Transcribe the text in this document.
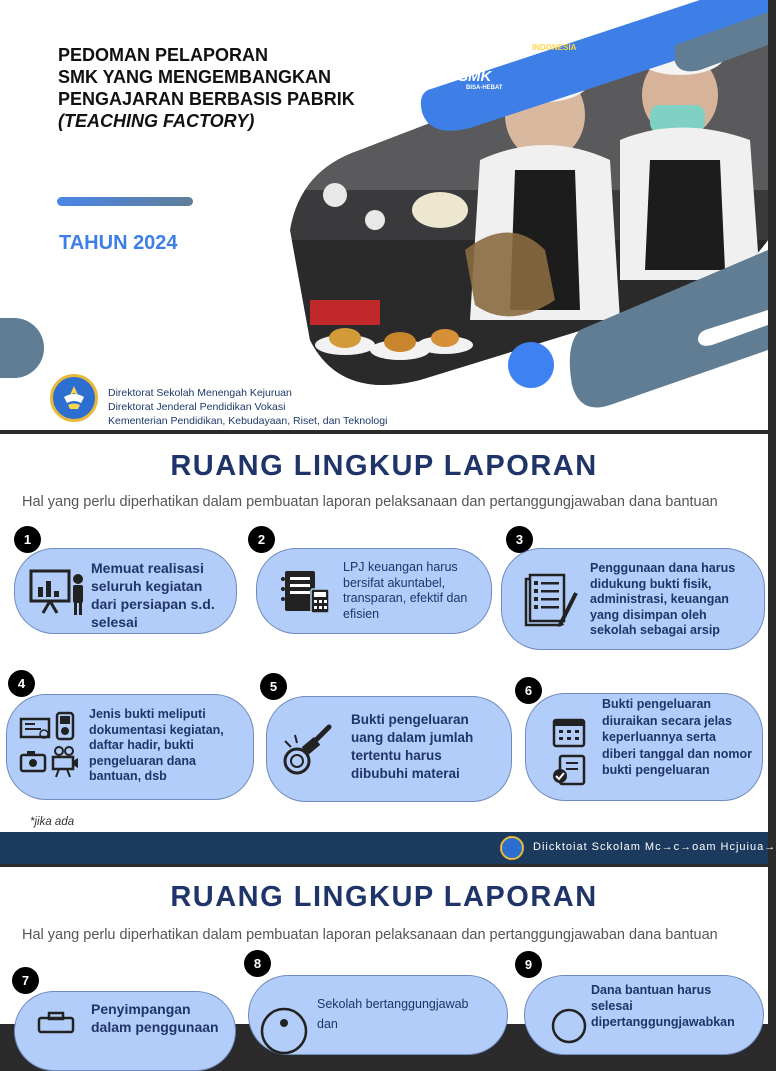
PEDOMAN PELAPORAN
SMK YANG MENGEMBANGKAN
PENGAJARAN BERBASIS PABRIK
(TEACHING FACTORY)
TAHUN 2024
SMK
BISA-HEBAT
VOKASI
INDONESIA
Direktorat Sekolah Menengah Kejuruan
Direktorat Jenderal Pendidikan Vokasi
Kementerian Pendidikan, Kebudayaan, Riset, dan Teknologi
RUANG LINGKUP LAPORAN
Hal yang perlu diperhatikan dalam pembuatan laporan pelaksanaan dan pertanggungjawaban dana bantuan
1
Memuat realisasi seluruh kegiatan dari persiapan s.d. selesai
2
LPJ keuangan harus bersifat akuntabel, transparan, efektif dan efisien
3
Penggunaan dana harus didukung bukti fisik, administrasi, keuangan yang disimpan oleh sekolah sebagai arsip
4
Jenis bukti meliputi dokumentasi kegiatan, daftar hadir, bukti pengeluaran dana bantuan, dsb
5
Bukti pengeluaran uang dalam jumlah tertentu harus dibubuhi materai
6
Bukti pengeluaran diuraikan secara jelas keperluannya serta diberi tanggal dan nomor bukti pengeluaran
*jika ada
Diicktoiat Sckolam Mc→c→oam Hcjuiua→
RUANG LINGKUP LAPORAN
Hal yang perlu diperhatikan dalam pembuatan laporan pelaksanaan dan pertanggungjawaban dana bantuan
7
Penyimpangan dalam penggunaan
8
Sekolah bertanggungjawab dan
9
Dana bantuan harus selesai dipertanggungjawabkan
